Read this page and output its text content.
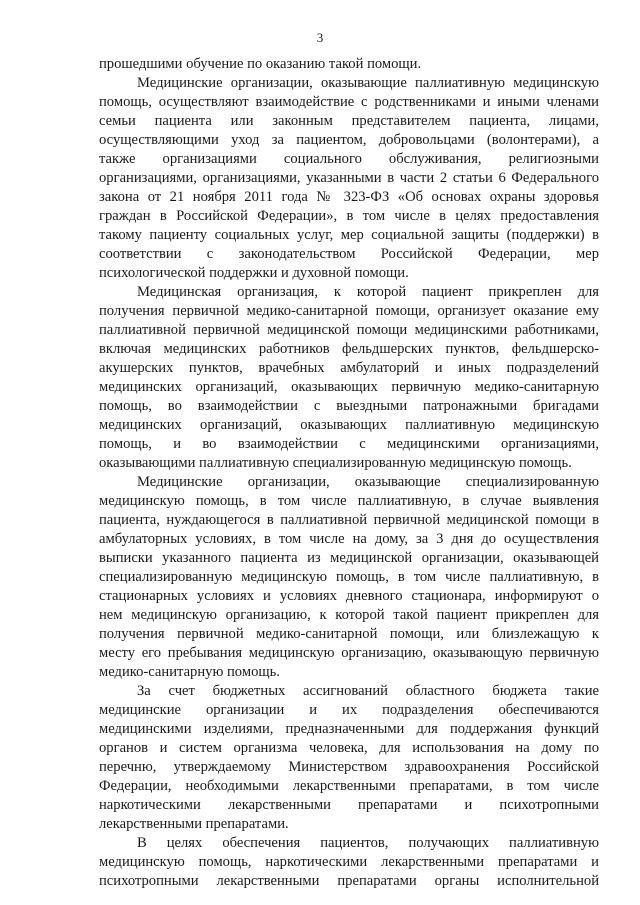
3
прошедшими обучение по оказанию такой помощи.
Медицинские организации, оказывающие паллиативную медицинскую
помощь, осуществляют взаимодействие с родственниками и иными членами
семьи пациента или законным представителем пациента, лицами,
осуществляющими уход за пациентом, добровольцами (волонтерами), а
также организациями социального обслуживания, религиозными
организациями, организациями, указанными в части 2 статьи 6 Федерального
закона от 21 ноября 2011 года № 323-ФЗ «Об основах охраны здоровья
граждан в Российской Федерации», в том числе в целях предоставления
такому пациенту социальных услуг, мер социальной защиты (поддержки) в
соответствии с законодательством Российской Федерации, мер
психологической поддержки и духовной помощи.
Медицинская организация, к которой пациент прикреплен для
получения первичной медико-санитарной помощи, организует оказание ему
паллиативной первичной медицинской помощи медицинскими работниками,
включая медицинских работников фельдшерских пунктов, фельдшерско-
акушерских пунктов, врачебных амбулаторий и иных подразделений
медицинских организаций, оказывающих первичную медико-санитарную
помощь, во взаимодействии с выездными патронажными бригадами
медицинских организаций, оказывающих паллиативную медицинскую
помощь, и во взаимодействии с медицинскими организациями,
оказывающими паллиативную специализированную медицинскую помощь.
Медицинские организации, оказывающие специализированную
медицинскую помощь, в том числе паллиативную, в случае выявления
пациента, нуждающегося в паллиативной первичной медицинской помощи в
амбулаторных условиях, в том числе на дому, за 3 дня до осуществления
выписки указанного пациента из медицинской организации, оказывающей
специализированную медицинскую помощь, в том числе паллиативную, в
стационарных условиях и условиях дневного стационара, информируют о
нем медицинскую организацию, к которой такой пациент прикреплен для
получения первичной медико-санитарной помощи, или близлежащую к
месту его пребывания медицинскую организацию, оказывающую первичную
медико-санитарную помощь.
За счет бюджетных ассигнований областного бюджета такие
медицинские организации и их подразделения обеспечиваются
медицинскими изделиями, предназначенными для поддержания функций
органов и систем организма человека, для использования на дому по
перечню, утверждаемому Министерством здравоохранения Российской
Федерации, необходимыми лекарственными препаратами, в том числе
наркотическими лекарственными препаратами и психотропными
лекарственными препаратами.
В целях обеспечения пациентов, получающих паллиативную
медицинскую помощь, наркотическими лекарственными препаратами и
психотропными лекарственными препаратами органы исполнительной
